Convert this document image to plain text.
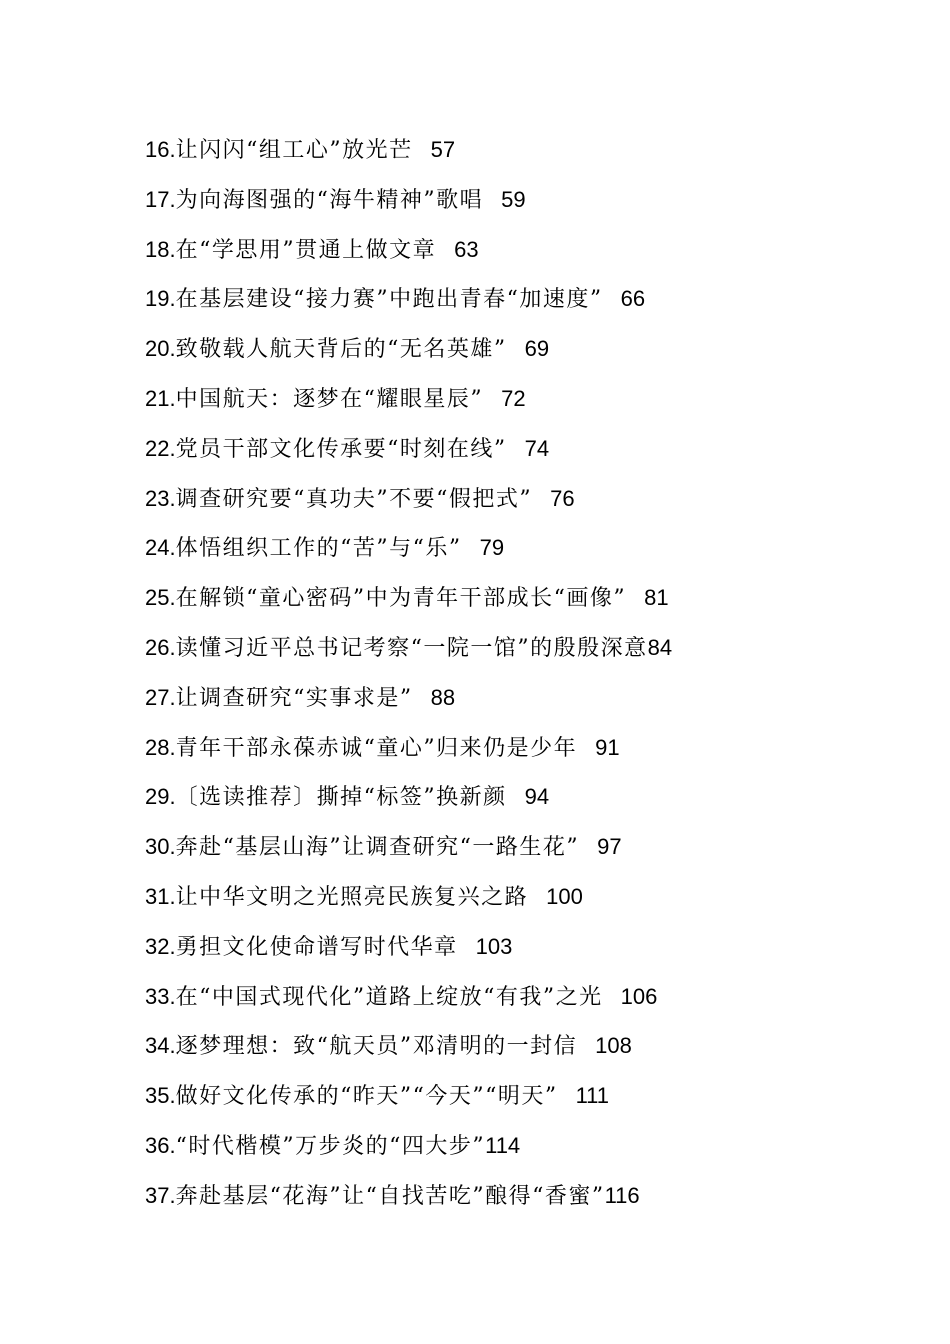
16.让闪闪“组工心”放光芒 57
17.为向海图强的“海牛精神”歌唱 59
18.在“学思用”贯通上做文章 63
19.在基层建设“接力赛”中跑出青春“加速度” 66
20.致敬载人航天背后的“无名英雄” 69
21.中国航天：逐梦在“耀眼星辰” 72
22.党员干部文化传承要“时刻在线” 74
23.调查研究要“真功夫”不要“假把式” 76
24.体悟组织工作的“苦”与“乐” 79
25.在解锁“童心密码”中为青年干部成长“画像” 81
26.读懂习近平总书记考察“一院一馆”的殷殷深意84
27.让调查研究“实事求是” 88
28.青年干部永葆赤诚“童心”归来仍是少年 91
29.〔选读推荐〕撕掉“标签”换新颜 94
30.奔赴“基层山海”让调查研究“一路生花” 97
31.让中华文明之光照亮民族复兴之路 100
32.勇担文化使命谱写时代华章 103
33.在“中国式现代化”道路上绽放“有我”之光 106
34.逐梦理想：致“航天员”邓清明的一封信 108
35.做好文化传承的“昨天”“今天”“明天” 111
36.“时代楷模”万步炎的“四大步”114
37.奔赴基层“花海”让“自找苦吃”酿得“香蜜”116
